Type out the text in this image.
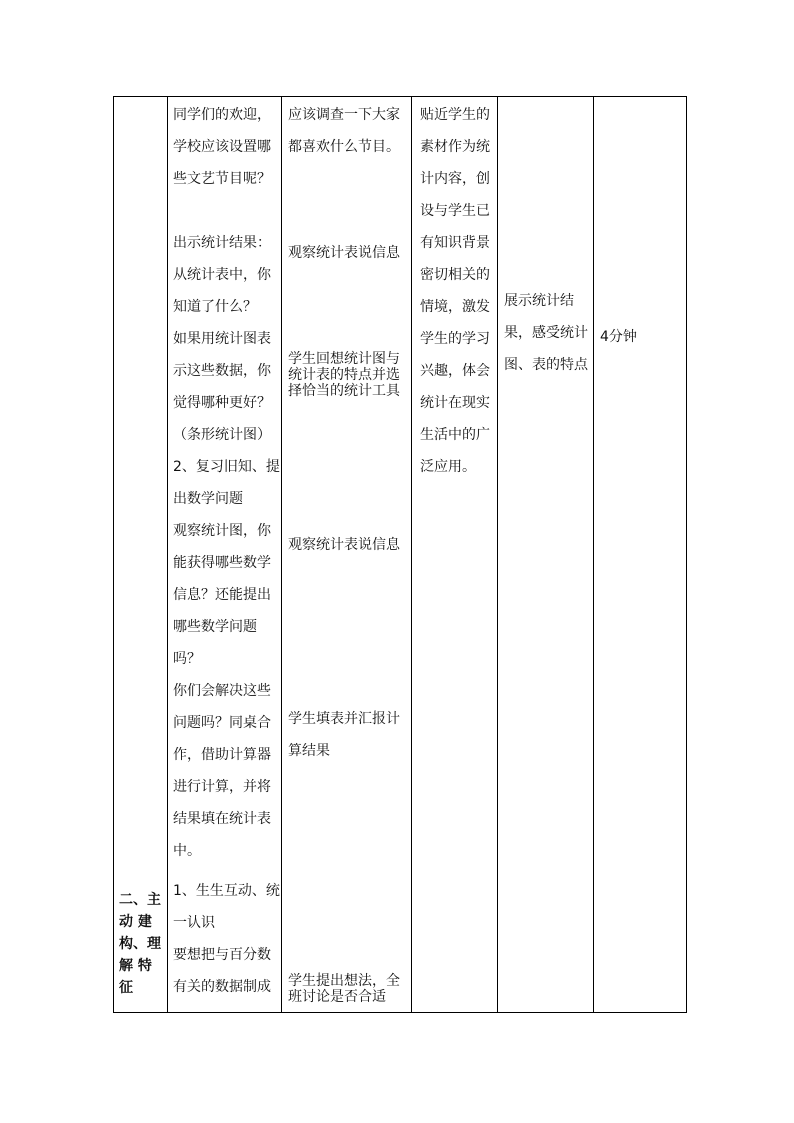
二、主
动 建
构、理
解 特
征
同学们的欢迎，
学校应该设置哪
些文艺节目呢？
出示统计结果：
从统计表中，你
知道了什么？
如果用统计图表
示这些数据，你
觉得哪种更好？
（条形统计图）
2、复习旧知、提
出数学问题
观察统计图，你
能获得哪些数学
信息？还能提出
哪些数学问题
吗？
你们会解决这些
问题吗？同桌合
作，借助计算器
进行计算，并将
结果填在统计表
中。
1、生生互动、统
一认识
要想把与百分数
有关的数据制成
应该调查一下大家
都喜欢什么节目。
观察统计表说信息
学生回想统计图与
统计表的特点并选
择恰当的统计工具
观察统计表说信息
学生填表并汇报计
算结果
学生提出想法，全
班讨论是否合适
贴近学生的
素材作为统
计内容，创
设与学生已
有知识背景
密切相关的
情境，激发
学生的学习
兴趣，体会
统计在现实
生活中的广
泛应用。
展示统计结
果，感受统计
图、表的特点
4分钟
